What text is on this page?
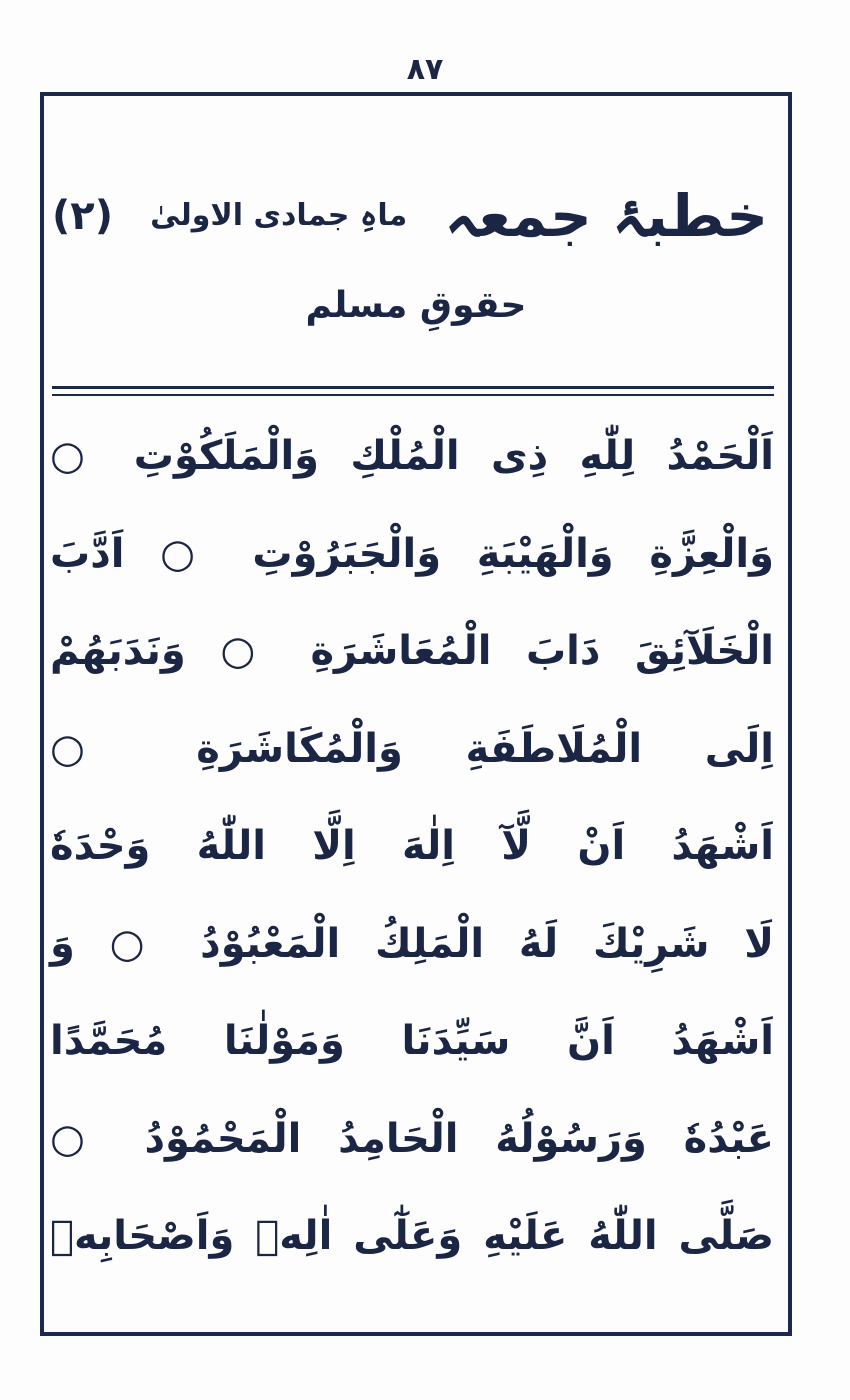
٨٧
خطبۂ جمعہ
ماہِ جمادی الاولیٰ
(۲)
حقوقِ مسلم
اَلْحَمْدُ لِلّٰهِ ذِی الْمُلْكِ وَالْمَلَكُوْتِ ○
وَالْعِزَّةِ وَالْهَيْبَةِ وَالْجَبَرُوْتِ ○ اَدَّبَ
الْخَلَآئِقَ دَابَ الْمُعَاشَرَةِ ○ وَنَدَبَهُمْ
اِلَى الْمُلَاطَفَةِ وَالْمُكَاشَرَةِ ○
اَشْهَدُ اَنْ لَّآ اِلٰهَ اِلَّا اللّٰهُ وَحْدَهٗ
لَا شَرِيْكَ لَهُ الْمَلِكُ الْمَعْبُوْدُ ○ وَ
اَشْهَدُ اَنَّ سَيِّدَنَا وَمَوْلٰنَا مُحَمَّدًا
عَبْدُهٗ وَرَسُوْلُهُ الْحَامِدُ الْمَحْمُوْدُ ○
صَلَّى اللّٰهُ عَلَيْهِ وَعَلٰٓى اٰلِهٖ وَاَصْحَابِهٖ
